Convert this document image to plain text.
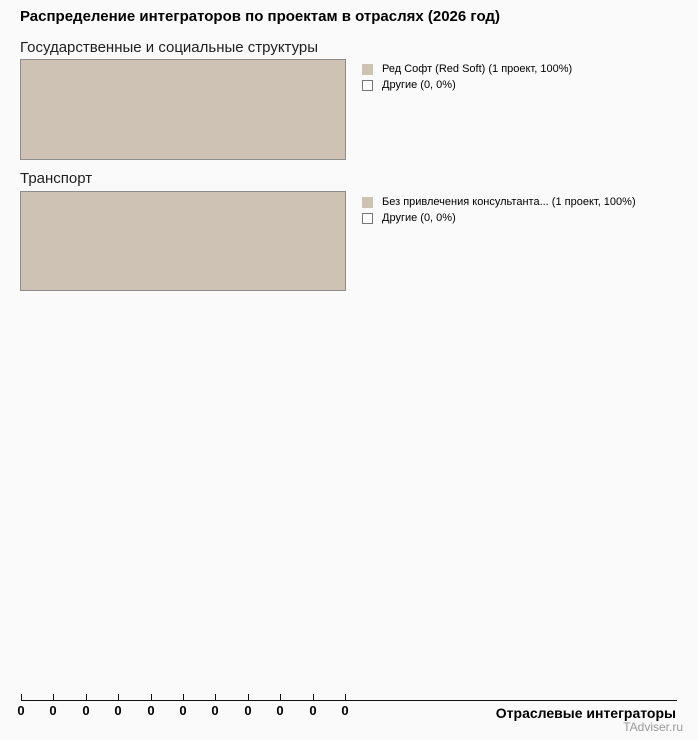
Распределение интеграторов по проектам в отраслях (2026 год)
Государственные и социальные структуры
Ред Софт (Red Soft) (1 проект, 100%)
Другие (0, 0%)
Транспорт
Без привлечения консультанта... (1 проект, 100%)
Другие (0, 0%)
0 0 0 0 0 0 0 0 0 0 0	Отраслевые интеграторы
TAdviser.ru
